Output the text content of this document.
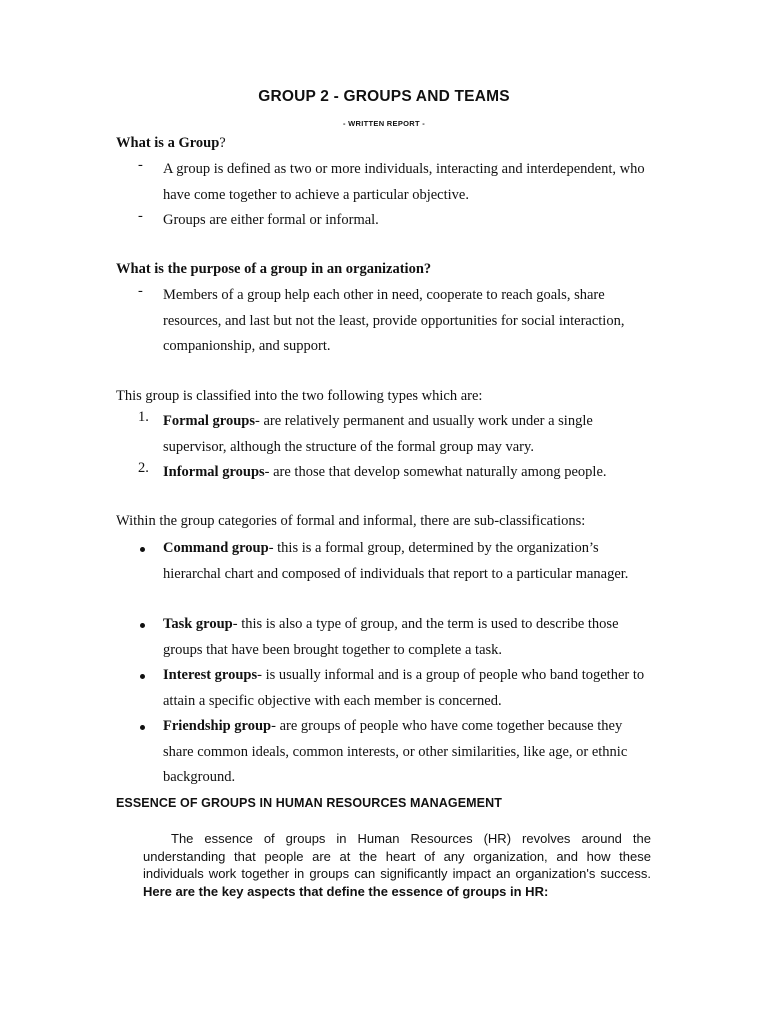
GROUP 2 - GROUPS AND TEAMS
- WRITTEN REPORT -
What is a Group?
- A group is defined as two or more individuals, interacting and interdependent, who have come together to achieve a particular objective.
- Groups are either formal or informal.
What is the purpose of a group in an organization?
- Members of a group help each other in need, cooperate to reach goals, share resources, and last but not the least, provide opportunities for social interaction, companionship, and support.
This group is classified into the two following types which are:
1. Formal groups- are relatively permanent and usually work under a single supervisor, although the structure of the formal group may vary.
2. Informal groups- are those that develop somewhat naturally among people.
Within the group categories of formal and informal, there are sub-classifications:
Command group- this is a formal group, determined by the organization’s hierarchal chart and composed of individuals that report to a particular manager.
Task group- this is also a type of group, and the term is used to describe those groups that have been brought together to complete a task.
Interest groups- is usually informal and is a group of people who band together to attain a specific objective with each member is concerned.
Friendship group- are groups of people who have come together because they share common ideals, common interests, or other similarities, like age, or ethnic background.
ESSENCE OF GROUPS IN HUMAN RESOURCES MANAGEMENT
The essence of groups in Human Resources (HR) revolves around the understanding that people are at the heart of any organization, and how these individuals work together in groups can significantly impact an organization's success. Here are the key aspects that define the essence of groups in HR:
